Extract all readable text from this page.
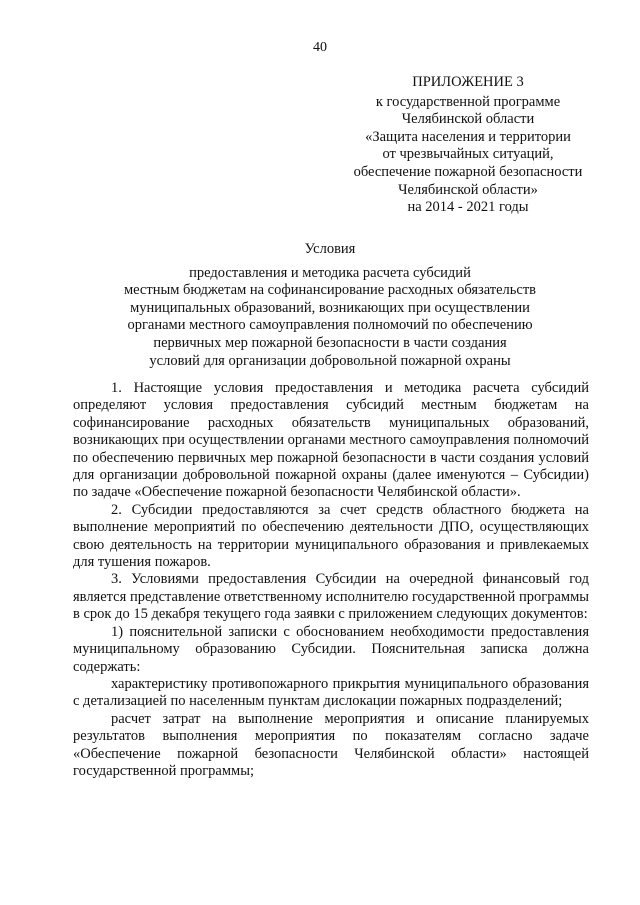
40
ПРИЛОЖЕНИЕ 3
к государственной программе
Челябинской области
«Защита населения и территории
от чрезвычайных ситуаций,
обеспечение пожарной безопасности
Челябинской области»
на 2014 - 2021 годы
Условия
предоставления и методика расчета субсидий
местным бюджетам на софинансирование расходных обязательств
муниципальных образований, возникающих при осуществлении
органами местного самоуправления полномочий по обеспечению
первичных мер пожарной безопасности в части создания
условий для организации добровольной пожарной охраны

1. Настоящие условия предоставления и методика расчета субсидий определяют условия предоставления субсидий местным бюджетам на софинансирование расходных обязательств муниципальных образований, возникающих при осуществлении органами местного самоуправления полномочий по обеспечению первичных мер пожарной безопасности в части создания условий для организации добровольной пожарной охраны (далее именуются – Субсидии) по задаче «Обеспечение пожарной безопасности Челябинской области».

2. Субсидии предоставляются за счет средств областного бюджета на выполнение мероприятий по обеспечению деятельности ДПО, осуществляющих свою деятельность на территории муниципального образования и привлекаемых для тушения пожаров.

3. Условиями предоставления Субсидии на очередной финансовый год является представление ответственному исполнителю государственной программы в срок до 15 декабря текущего года заявки с приложением следующих документов:

1) пояснительной записки с обоснованием необходимости предоставления муниципальному образованию Субсидии. Пояснительная записка должна содержать:

характеристику противопожарного прикрытия муниципального образования с детализацией по населенным пунктам дислокации пожарных подразделений;

расчет затрат на выполнение мероприятия и описание планируемых результатов выполнения мероприятия по показателям согласно задаче «Обеспечение пожарной безопасности Челябинской области» настоящей государственной программы;
